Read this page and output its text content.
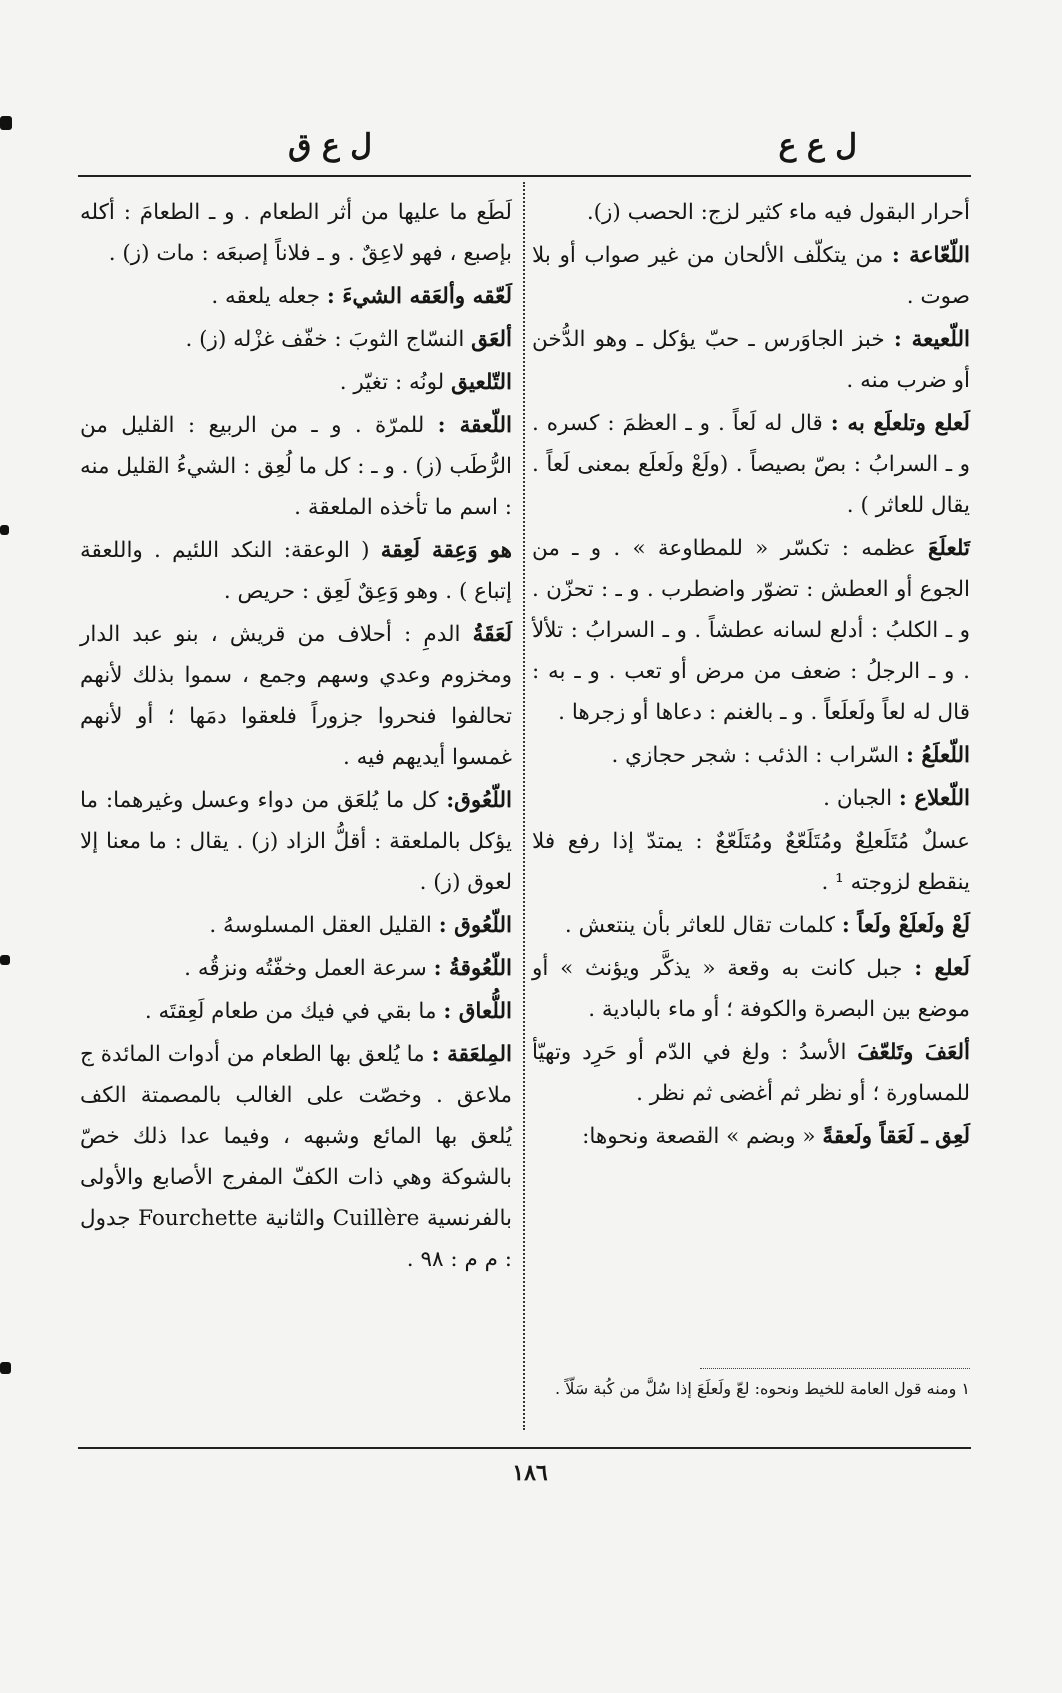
ل ع ع
ل ع ق

أحرار البقول فيه ماء كثير لزج: الحصب (ز).

اللّعّاعة : من يتكلّف الألحان من غير صواب أو بلا صوت .

اللّعيعة : خبز الجاوَرس ـ حبّ يؤكل ـ وهو الدُّخن أو ضرب منه .

لَعلع وتلعلَع به : قال له لَعاً . و ـ العظمَ : كسره . و ـ السرابُ : بصّ بصيصاً . (ولَعْ ولَعلَع بمعنى لَعاً . يقال للعاثر ) .

تَلعلَعَ عظمه : تكسّر « للمطاوعة » . و ـ من الجوع أو العطش : تضوّر واضطرب . و ـ : تحزّن . و ـ الكلبُ : أدلع لسانه عطشاً . و ـ السرابُ : تلألأ . و ـ الرجلُ : ضعف من مرض أو تعب . و ـ به : قال له لعاً ولَعلَعاً . و ـ بالغنم : دعاها أو زجرها .

اللّعلَعُ : السّراب : الذئب : شجر حجازي .

اللّعلاع : الجبان .

عسلٌ مُتَلَعلِعٌ ومُتَلَعّعٌ ومُتَلَعّعٌ : يمتدّ إذا رفع فلا ينقطع لزوجته ¹ .

لَعْ ولَعلَعْ ولَعاً : كلمات تقال للعاثر بأن ينتعش .

لَعلع : جبل كانت به وقعة « يذكَّر ويؤنث » أو موضع بين البصرة والكوفة ؛ أو ماء بالبادية .

ألعَفَ وتَلعّفَ الأسدُ : ولغ في الدّم أو حَرِد وتهيّأ للمساورة ؛ أو نظر ثم أغضى ثم نظر .

لَعِق ـ لَعَقاً ولَعقةً « وبضم » القصعة ونحوها:

لَطَع ما عليها من أثر الطعام . و ـ الطعامَ : أكله بإصبع ، فهو لاعِقٌ . و ـ فلاناً إصبعَه : مات (ز) .

لَعّقه وألعَقه الشيءَ : جعله يلعقه .

ألعَق النسّاج الثوبَ : خفّف غزْله (ز) .

التّلعيق لونُه : تغيّر .

اللّعقة : للمرّة . و ـ من الربيع : القليل من الرُّطَب (ز) . و ـ : كل ما لُعِق : الشيءُ القليل منه : اسم ما تأخذه الملعقة .

هو وَعِقة لَعِقة ( الوعقة: النكد اللئيم . واللعقة إتباع ) . وهو وَعِقٌ لَعِق : حريص .

لَعَقَةُ الدمِ : أحلاف من قريش ، بنو عبد الدار ومخزوم وعدي وسهم وجمع ، سموا بذلك لأنهم تحالفوا فنحروا جزوراً فلعقوا دمَها ؛ أو لأنهم غمسوا أيديهم فيه .

اللّعُوق: كل ما يُلعَق من دواء وعسل وغيرهما: ما يؤكل بالملعقة : أقلُّ الزاد (ز) . يقال : ما معنا إلا لعوق (ز) .

اللّعُوق : القليل العقل المسلوسهُ .

اللّعُوقةُ : سرعة العمل وخفّتُه ونزقُه .

اللُّعاق : ما بقي في فيك من طعام لَعِقتَه .

المِلعَقة : ما يُلعق بها الطعام من أدوات المائدة ج ملاعق . وخصّت على الغالب بالمصمتة الكف يُلعق بها المائع وشبهه ، وفيما عدا ذلك خصّ بالشوكة وهي ذات الكفّ المفرج الأصابع والأولى بالفرنسية Cuillère والثانية Fourchette جدول : م م : ٩٨ .

١ ومنه قول العامة للخيط ونحوه: لعّ ولَعلَعَ إذا سُلَّ من كُبة سَلّاً .
١٨٦
